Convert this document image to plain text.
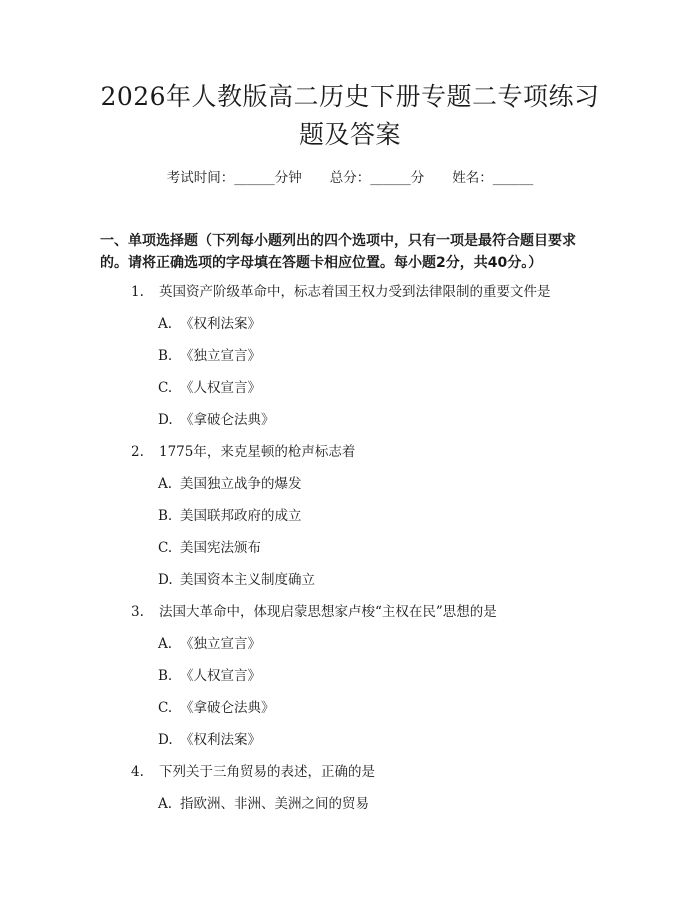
2026年人教版高二历史下册专题二专项练习
题及答案
考试时间：______分钟 总分：______分 姓名：______
一、单项选择题（下列每小题列出的四个选项中，只有一项是最符合题目要求的。请将正确选项的字母填在答题卡相应位置。每小题2分，共40分。）
1. 英国资产阶级革命中，标志着国王权力受到法律限制的重要文件是
A. 《权利法案》
B. 《独立宣言》
C. 《人权宣言》
D. 《拿破仑法典》
2. 1775年，来克星顿的枪声标志着
A. 美国独立战争的爆发
B. 美国联邦政府的成立
C. 美国宪法颁布
D. 美国资本主义制度确立
3. 法国大革命中，体现启蒙思想家卢梭“主权在民”思想的是
A. 《独立宣言》
B. 《人权宣言》
C. 《拿破仑法典》
D. 《权利法案》
4. 下列关于三角贸易的表述，正确的是
A. 指欧洲、非洲、美洲之间的贸易
